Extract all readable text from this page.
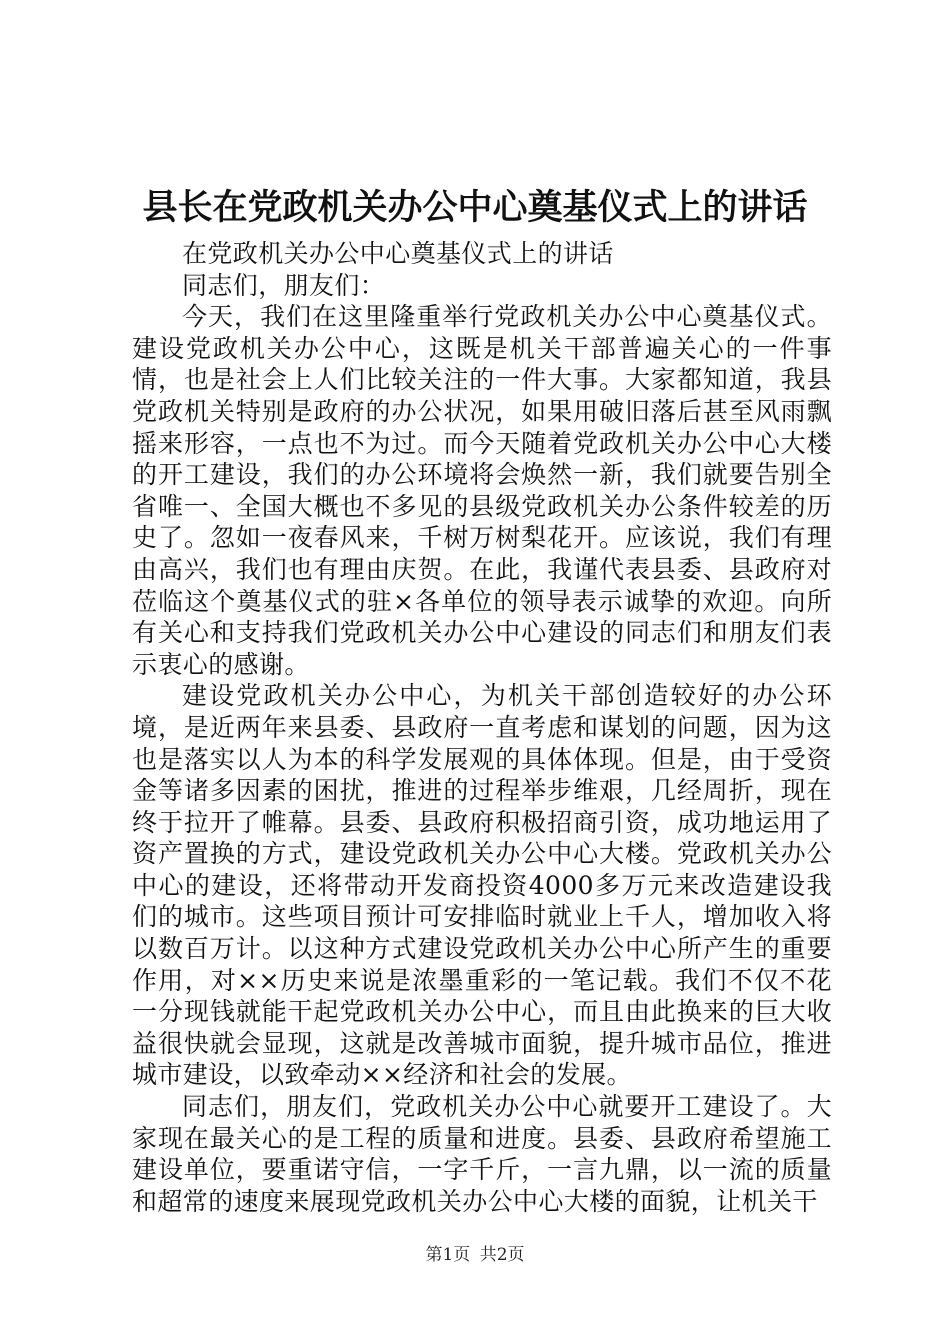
县长在党政机关办公中心奠基仪式上的讲话

在党政机关办公中心奠基仪式上的讲话

同志们，朋友们：

今天，我们在这里隆重举行党政机关办公中心奠基仪式。建设党政机关办公中心，这既是机关干部普遍关心的一件事情，也是社会上人们比较关注的一件大事。大家都知道，我县党政机关特别是政府的办公状况，如果用破旧落后甚至风雨飘摇来形容，一点也不为过。而今天随着党政机关办公中心大楼的开工建设，我们的办公环境将会焕然一新，我们就要告别全省唯一、全国大概也不多见的县级党政机关办公条件较差的历史了。忽如一夜春风来，千树万树梨花开。应该说，我们有理由高兴，我们也有理由庆贺。在此，我谨代表县委、县政府对莅临这个奠基仪式的驻×各单位的领导表示诚挚的欢迎。向所有关心和支持我们党政机关办公中心建设的同志们和朋友们表示衷心的感谢。

建设党政机关办公中心，为机关干部创造较好的办公环境，是近两年来县委、县政府一直考虑和谋划的问题，因为这也是落实以人为本的科学发展观的具体体现。但是，由于受资金等诸多因素的困扰，推进的过程举步维艰，几经周折，现在终于拉开了帷幕。县委、县政府积极招商引资，成功地运用了资产置换的方式，建设党政机关办公中心大楼。党政机关办公中心的建设，还将带动开发商投资4000多万元来改造建设我们的城市。这些项目预计可安排临时就业上千人，增加收入将以数百万计。以这种方式建设党政机关办公中心所产生的重要作用，对××历史来说是浓墨重彩的一笔记载。我们不仅不花一分现钱就能干起党政机关办公中心，而且由此换来的巨大收益很快就会显现，这就是改善城市面貌，提升城市品位，推进城市建设，以致牵动××经济和社会的发展。

同志们，朋友们，党政机关办公中心就要开工建设了。大家现在最关心的是工程的质量和进度。县委、县政府希望施工建设单位，要重诺守信，一字千斤，一言九鼎，以一流的质量和超常的速度来展现党政机关办公中心大楼的面貌，让机关干

第1页 共2页
